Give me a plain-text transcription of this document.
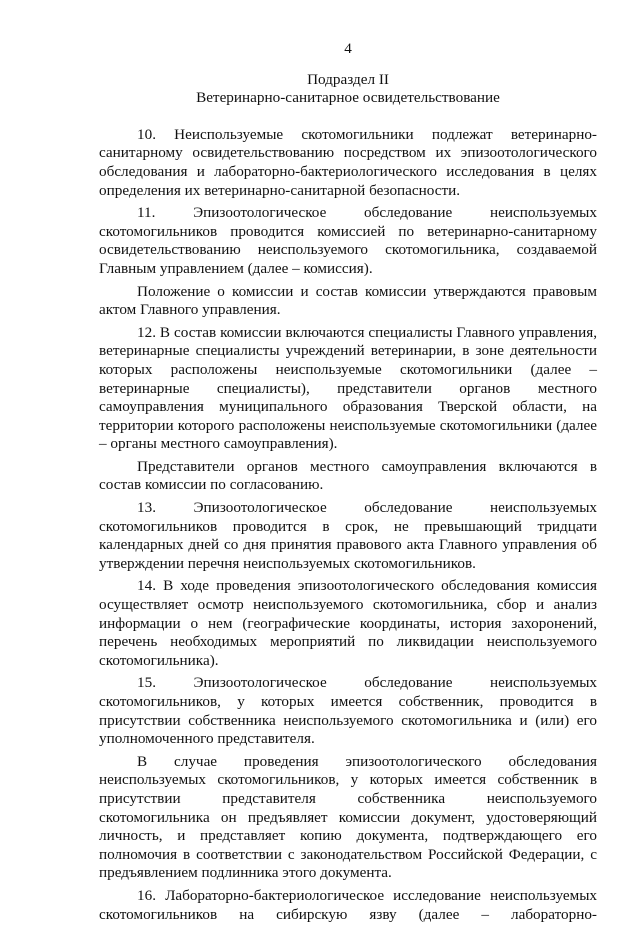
4

Подраздел II

Ветеринарно-санитарное освидетельствование

10. Неиспользуемые скотомогильники подлежат ветеринарно-санитарному освидетельствованию посредством их эпизоотологического обследования и лабораторно-бактериологического исследования в целях определения их ветеринарно-санитарной безопасности.

11. Эпизоотологическое обследование неиспользуемых скотомогильников проводится комиссией по ветеринарно-санитарному освидетельствованию неиспользуемого скотомогильника, создаваемой Главным управлением (далее – комиссия).

Положение о комиссии и состав комиссии утверждаются правовым актом Главного управления.

12. В состав комиссии включаются специалисты Главного управления, ветеринарные специалисты учреждений ветеринарии, в зоне деятельности которых расположены неиспользуемые скотомогильники (далее – ветеринарные специалисты), представители органов местного самоуправления муниципального образования Тверской области, на территории которого расположены неиспользуемые скотомогильники (далее – органы местного самоуправления).

Представители органов местного самоуправления включаются в состав комиссии по согласованию.

13. Эпизоотологическое обследование неиспользуемых скотомогильников проводится в срок, не превышающий тридцати календарных дней со дня принятия правового акта Главного управления об утверждении перечня неиспользуемых скотомогильников.

14. В ходе проведения эпизоотологического обследования комиссия осуществляет осмотр неиспользуемого скотомогильника, сбор и анализ информации о нем (географические координаты, история захоронений, перечень необходимых мероприятий по ликвидации неиспользуемого скотомогильника).

15. Эпизоотологическое обследование неиспользуемых скотомогильников, у которых имеется собственник, проводится в присутствии собственника неиспользуемого скотомогильника и (или) его уполномоченного представителя.

В случае проведения эпизоотологического обследования неиспользуемых скотомогильников, у которых имеется собственник в присутствии представителя собственника неиспользуемого скотомогильника он предъявляет комиссии документ, удостоверяющий личность, и представляет копию документа, подтверждающего его полномочия в соответствии с законодательством Российской Федерации, с предъявлением подлинника этого документа.

16. Лабораторно-бактериологическое исследование неиспользуемых скотомогильников на сибирскую язву (далее – лабораторно-
